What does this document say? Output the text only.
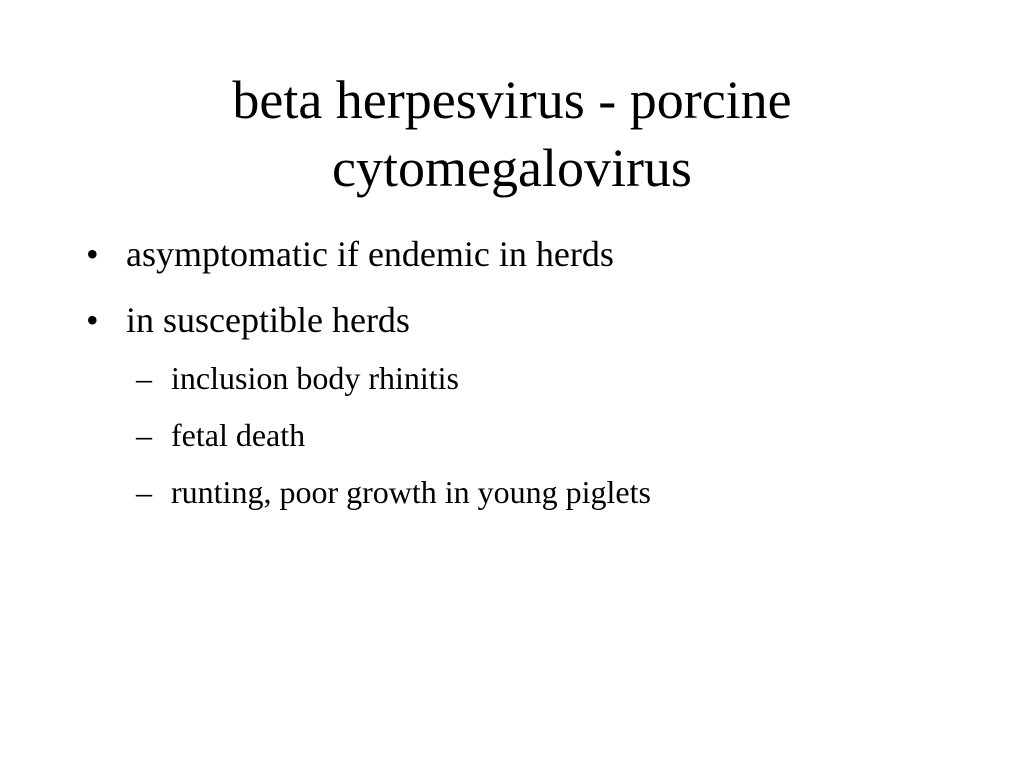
beta herpesvirus - porcine
cytomegalovirus
• asymptomatic if endemic in herds
• in susceptible herds
– inclusion body rhinitis
– fetal death
– runting, poor growth in young piglets
